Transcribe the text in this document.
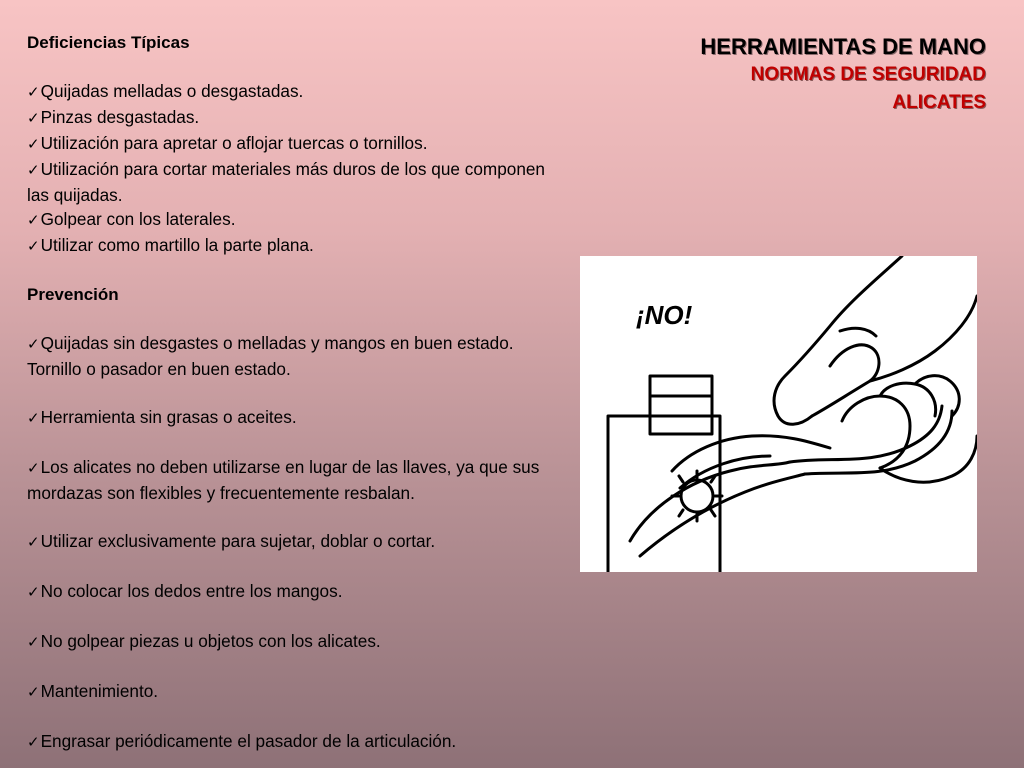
HERRAMIENTAS DE MANO
NORMAS DE SEGURIDAD
ALICATES
Deficiencias Típicas
✓Quijadas melladas o desgastadas.
✓Pinzas desgastadas.
✓Utilización para apretar o aflojar tuercas o tornillos.
✓Utilización para cortar materiales más duros de los que componen las quijadas.
✓Golpear con los laterales.
✓Utilizar como martillo la parte plana.
Prevención
✓Quijadas sin desgastes o melladas y mangos en buen estado. Tornillo o pasador en buen estado.
✓Herramienta sin grasas o aceites.
✓Los alicates no deben utilizarse en lugar de las llaves, ya que sus mordazas son flexibles y frecuentemente resbalan.
✓Utilizar exclusivamente para sujetar, doblar o cortar.
✓No colocar los dedos entre los mangos.
✓No golpear piezas u objetos con los alicates.
✓Mantenimiento.
✓Engrasar periódicamente el pasador de la articulación.
¡NO!
